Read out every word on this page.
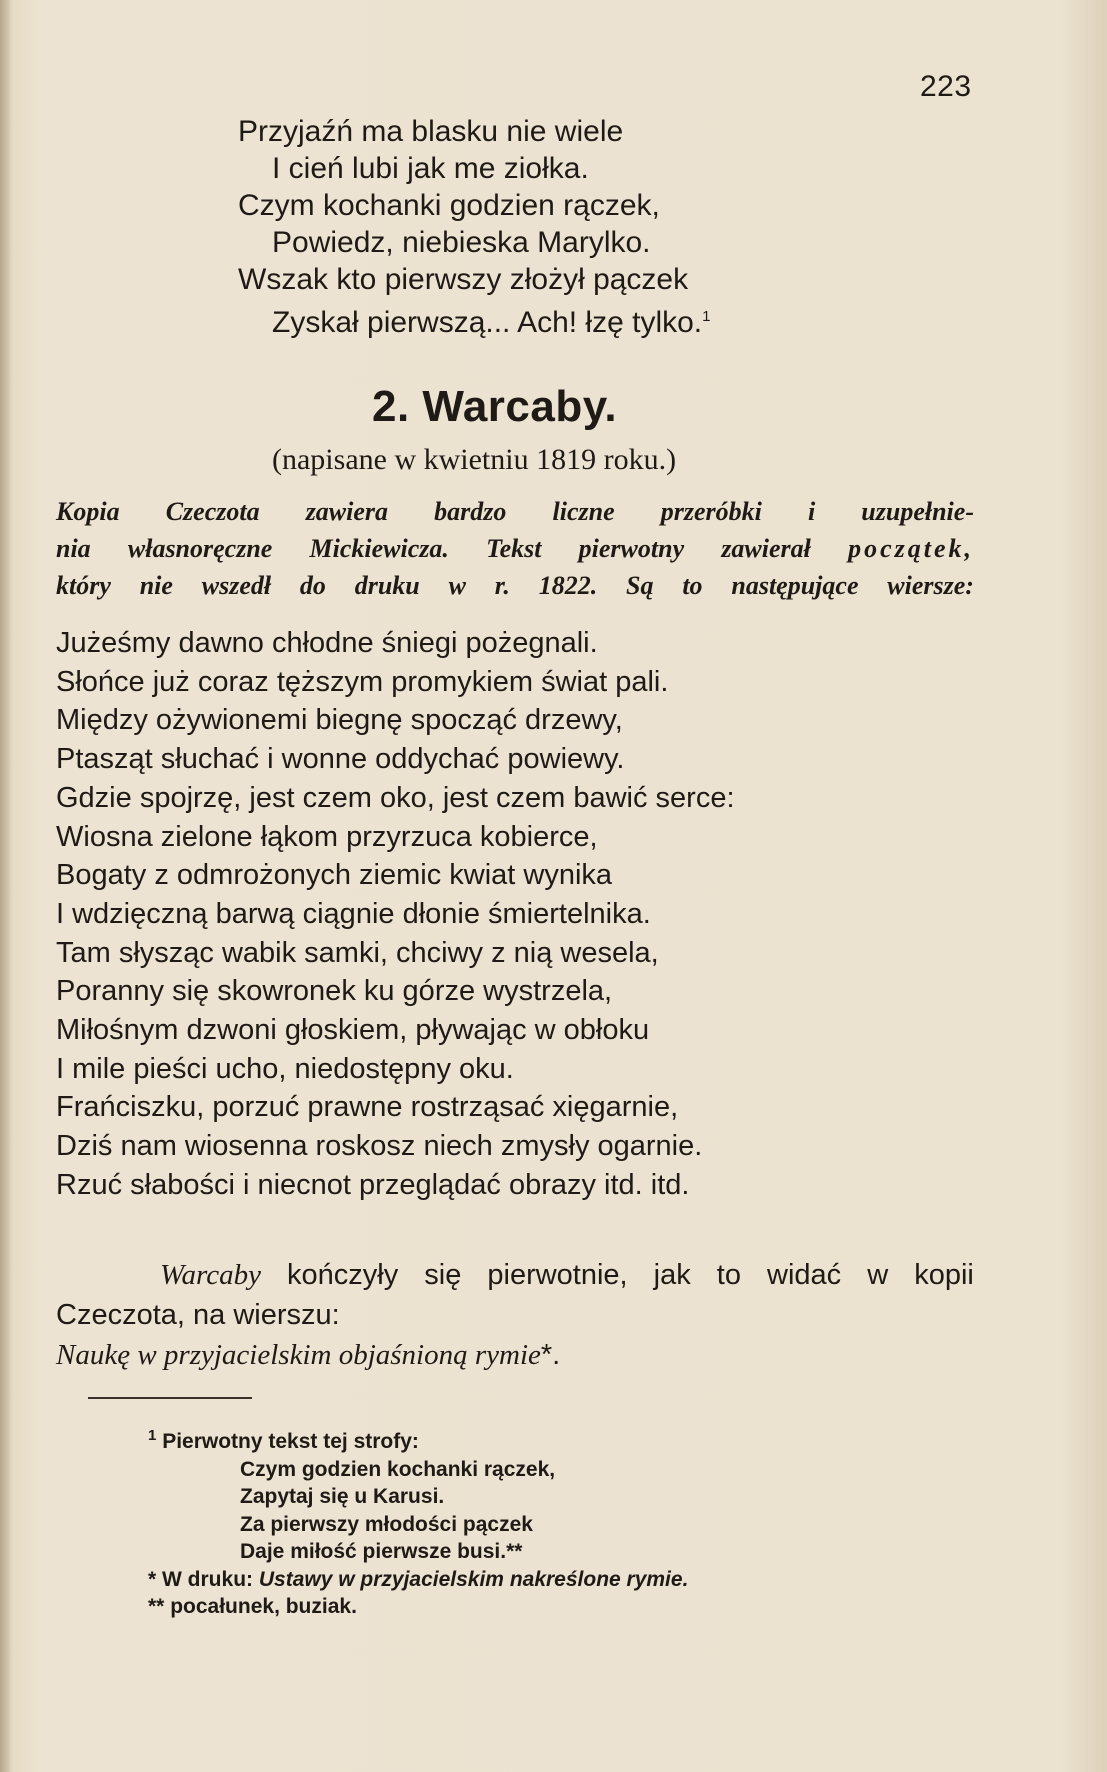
223
Przyjaźń ma blasku nie wiele
I cień lubi jak me ziołka.
Czym kochanki godzien rączek,
Powiedz, niebieska Marylko.
Wszak kto pierwszy złożył pączek
Zyskał pierwszą... Ach! łzę tylko.$^1$
2. Warcaby.
(napisane w kwietniu 1819 roku.)
Kopia Czeczota zawiera bardzo liczne przeróbki i uzupełnie-
nia własnoręczne Mickiewicza. Tekst pierwotny zawierał początek,
który nie wszedł do druku w r. 1822. Są to następujące wiersze:
Jużeśmy dawno chłodne śniegi pożegnali.
Słońce już coraz tęższym promykiem świat pali.
Między ożywionemi biegnę spocząć drzewy,
Ptasząt słuchać i wonne oddychać powiewy.
Gdzie spojrzę, jest czem oko, jest czem bawić serce:
Wiosna zielone łąkom przyrzuca kobierce,
Bogaty z odmrożonych ziemic kwiat wynika
I wdzięczną barwą ciągnie dłonie śmiertelnika.
Tam słysząc wabik samki, chciwy z nią wesela,
Poranny się skowronek ku górze wystrzela,
Miłośnym dzwoni głoskiem, pływając w obłoku
I mile pieści ucho, niedostępny oku.
Frańciszku, porzuć prawne rostrząsać xięgarnie,
Dziś nam wiosenna roskosz niech zmysły ogarnie.
Rzuć słabości i niecnot przeglądać obrazy itd. itd.
Warcaby kończyły się pierwotnie, jak to widać w kopii
Czeczota, na wierszu:
Naukę w przyjacielskim objaśnioną rymie*.
$^1$ Pierwotny tekst tej strofy:
Czym godzien kochanki rączek,
Zapytaj się u Karusi.
Za pierwszy młodości pączek
Daje miłość pierwsze busi.**
* W druku: Ustawy w przyjacielskim nakreślone rymie.
** pocałunek, buziak.
